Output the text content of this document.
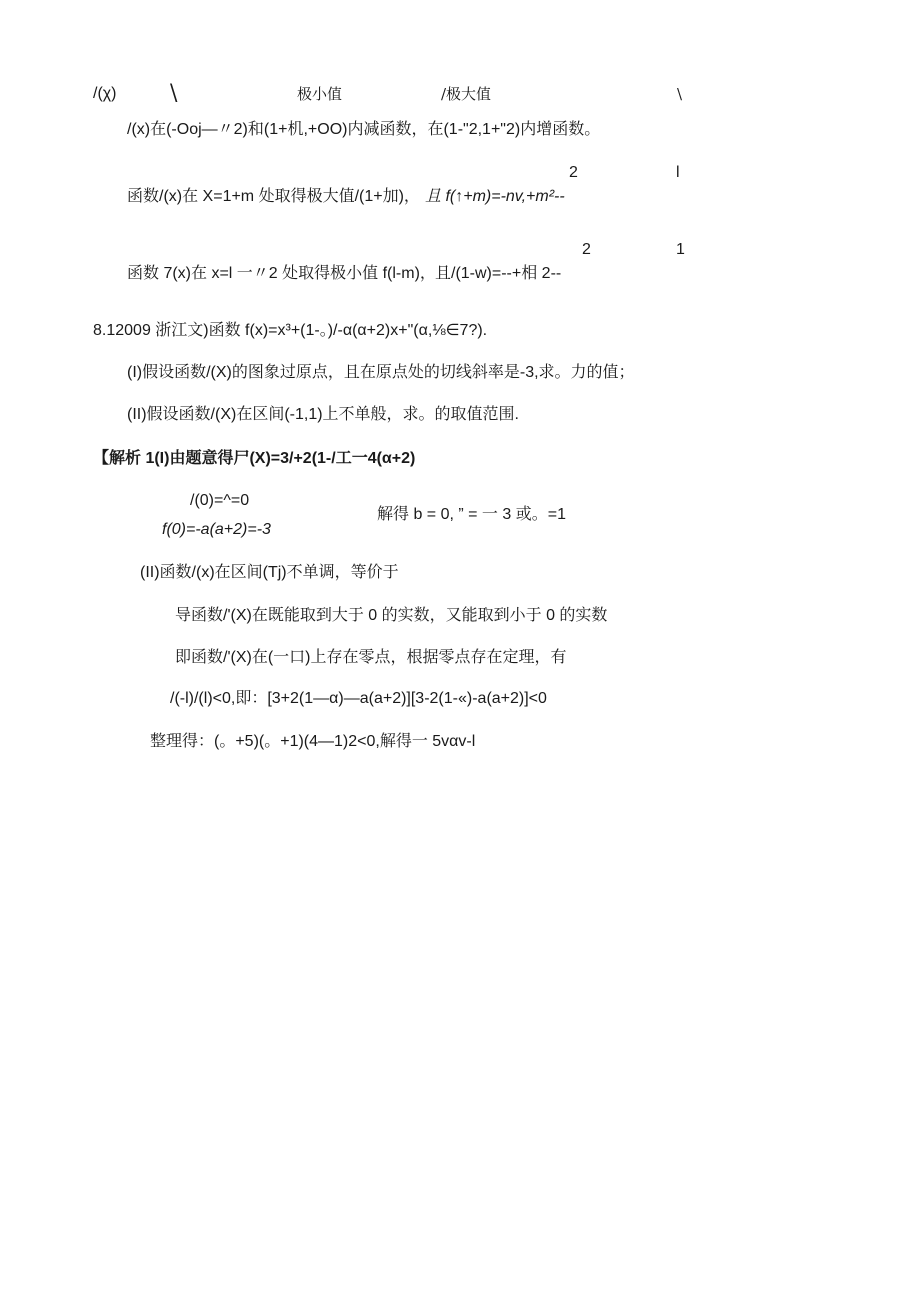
/(χ) \	极小值	/极大值	\
/(x)在(-Ooj—〃2)和(1+机,+OO)内减函数，在(1-"2,1+"2)内增函数。
2	l
函数/(x)在 X=1+m 处取得极大值/(1+加)， 且 f(↑+m)=-nv,+m²--
2	1
函数 7(x)在 x=l 一〃2 处取得极小值 f(l-m)， 且/(1-w)=--+相 2--
8.12009 浙江文)函数 f(x)=x³+(1-。)/-α(α+2)x+"(α,⅛∈7?).
(I)假设函数/(X)的图象过原点，且在原点处的切线斜率是-3,求。力的值；
(II)假设函数/(X)在区间(-1,1)上不单般，求。的取值范围.
【解析 1(I)由题意得尸(X)=3/+2(1-/工一4(α+2)
/(0)=^=0
f(0)=-a(a+2)=-3
解得 b = 0, ” = 一 3 或。=1
(II)函数/(x)在区间(Tj)不单调，等价于
导函数/'(X)在既能取到大于 0 的实数，又能取到小于 0 的实数
即函数/'(X)在(一口)上存在零点，根据零点存在定理，有
/(-l)/(l)<0,即：[3+2(1—α)—a(a+2)][3-2(1-«)-a(a+2)]<0
整理得：(。+5)(。+1)(4—1)2<0,解得一 5vαv-l
